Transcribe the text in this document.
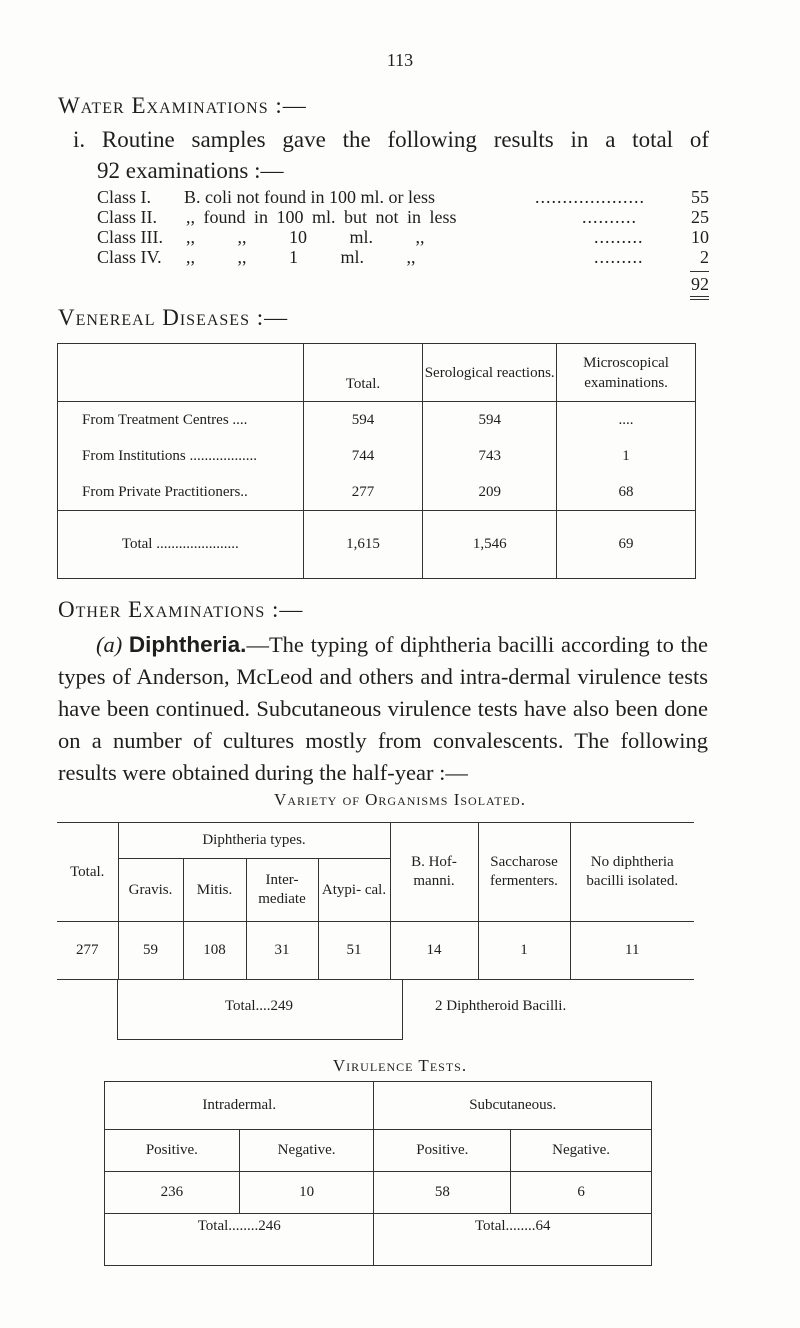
113
Water Examinations :—
i. Routine samples gave the following results in a total of
92 examinations :—
Class I. B. coli not found in 100 ml. or less	....................	55
Class II. ,, found in 100 ml. but not in less	..........	25
Class III. ,, ,, 10 ml. ,,	.........	10
Class IV. ,, ,, 1 ml. ,,	.........	2
92
Venereal Diseases :—
	Total.	Serological reactions.	Microscopical examinations.
From Treatment Centres ....	594	594	....
From Institutions ..................	744	743	1
From Private Practitioners..	277	209	68
Total ......................	1,615	1,546	69
Other Examinations :—
(a) Diphtheria.—The typing of diphtheria bacilli according to the types of Anderson, McLeod and others and intra-dermal virulence tests have been continued. Subcutaneous virulence tests have also been done on a number of cultures mostly from convalescents. The following results were obtained during the half-year :—
Variety of Organisms Isolated.
Total.	Diphtheria types.				B. Hof- manni.	Saccharose fermenters.	No diphtheria bacilli isolated.
	Gravis.	Mitis.	Inter- mediate	Atypi- cal.			
277	59	108	31	51	14	1	11
Total....249	2 Diphtheroid Bacilli.
Virulence Tests.
Intradermal.		Subcutaneous.	
Positive.	Negative.	Positive.	Negative.
236	10	58	6
Total........246		Total........64	
